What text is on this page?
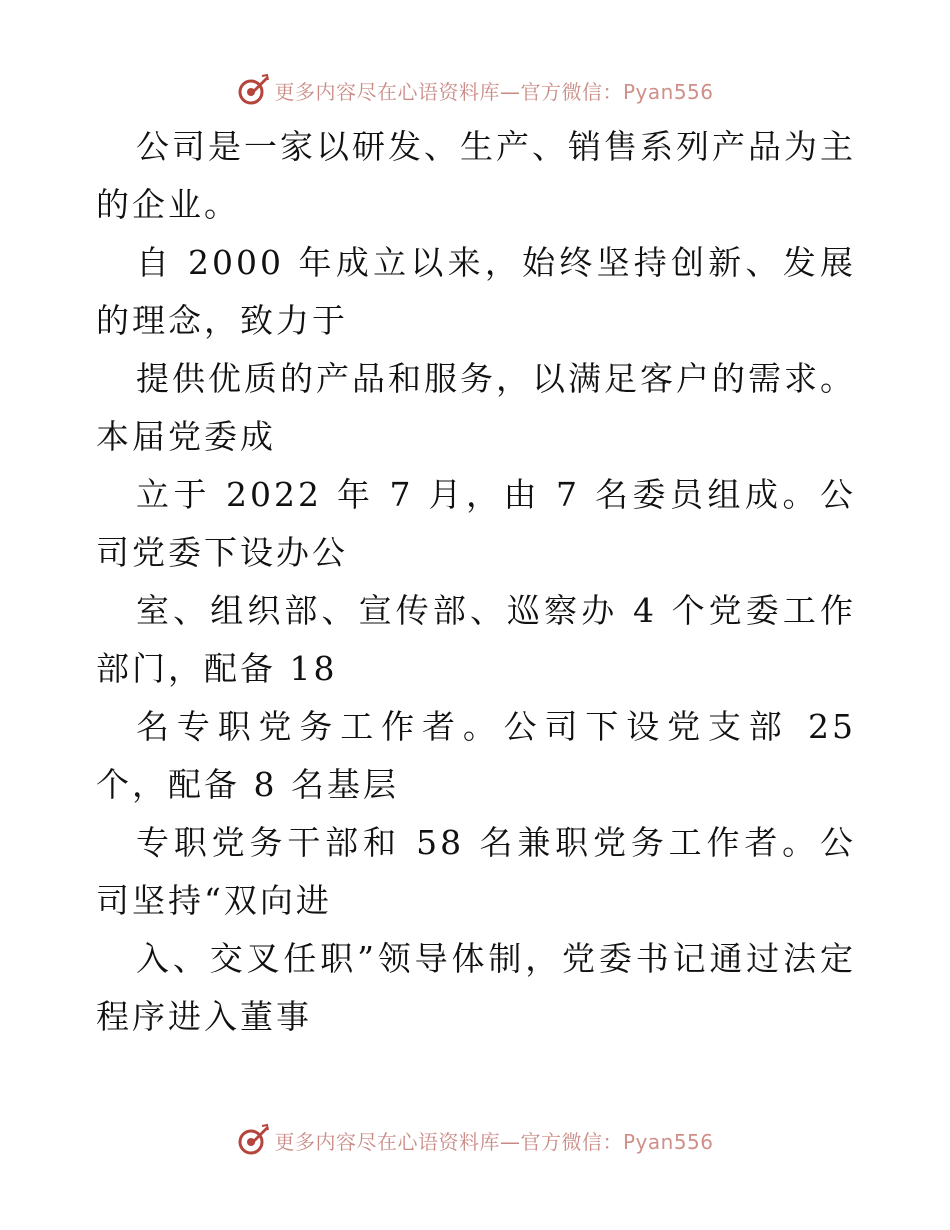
更多内容尽在心语资料库—官方微信：Pyan556

公司是一家以研发、生产、销售系列产品为主的企业。

自 2000 年成立以来，始终坚持创新、发展的理念，致力于

提供优质的产品和服务，以满足客户的需求。本届党委成

立于 2022 年 7 月，由 7 名委员组成。公司党委下设办公

室、组织部、宣传部、巡察办 4 个党委工作部门，配备 18

名专职党务工作者。公司下设党支部 25 个，配备 8 名基层

专职党务干部和 58 名兼职党务工作者。公司坚持“双向进

入、交叉任职”领导体制，党委书记通过法定程序进入董事

更多内容尽在心语资料库—官方微信：Pyan556
